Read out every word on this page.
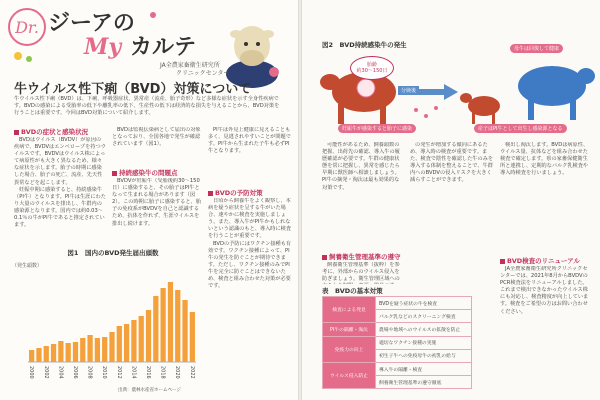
Dr. ジーアの
My カルテ
JA全農家畜衛生研究所
クリニックセンター
牛ウイルス性下痢（BVD）対策について
牛ウイルス性下痢（BVD）は、下痢、呼吸器症状、異常産（流産、胎子奇形）など多様な症状を示す全身性疾病です。BVDの感染による受胎率の低下や離乳率の低下、生産性の低下は経済的な損失を与えることから、BVD対策を行うことは重要です。今回はBVD対策について紹介します。
BVDの症状と感染状況

BVDはウイルス（BVDV）が原因の疾病で、BVDVはエンベロープを持つウイルスです。BVDVはウイルス株によって病原性がも大きく異なるため、様々な症状を示します。胎子の時期に感染した場合、胎子の死亡、流産、先天性異常などを起こします。

妊娠中期に感染すると、持続感染牛（PI牛）となります。PI牛は生涯にわたり大量のウイルスを排出し、牛群内の感染源となります。国内では約0.03〜0.1％の牛がPI牛であると推定されています。

BVDは監視伝染病として届出の対象となっており、全国各地で発生が確認されています（図1）。

持続感染牛の問題点

BVDVが妊娠牛（受胎後約30〜150日）に感染すると、その胎子はPI牛となって生まれる場合があります（図2）。この時期に胎子に感染すると、胎子の免疫系がBVDVを自己と認識するため、抗体を作れず、生涯ウイルスを排出し続けます。

PI牛は外見上健康に見えることも多く、見逃されやすいことが問題です。PI牛から生まれた子牛も必ずPI牛となります。

BVDの予防対策

日頃から飼養牛をよく観察し、本病を疑う症状を呈する牛がいた場合、速やかに検査を実施しましょう。また、導入牛がPI牛かもしれないという認識のもと、導入時に検査を行うことが重要です。

BVDの予防にはワクチン接種も有効です。ワクチン接種によって、PI牛の発生を防ぐことが期待できます。ただし、ワクチン接種のみでPI牛を完全に防ぐことはできないため、検査と組み合わせた対策が必要です。

図1　国内のBVD発生届出頭数
（発生頭数）
2000 2002 2004 2006 2008 2010 2012 2014 2016 2018 2020 2022
出典：農林水産省ホームページ
図2　BVD持続感染牛の発生
胎齢
約30〜150日
妊娠牛が感染すると胎子に感染
分娩後
母牛は回復して健康
産子はPI牛として出生し感染源となる

可能性があるため、飼養頭数の把握、出荷先の確認、導入牛の履歴確認が必要です。牛群の健康状態を常に把握し、異常を感じたら早期に獣医師へ相談しましょう。PI牛の摘発・淘汰は最も効果的な対策です。

飼養衛生管理基準の遵守

飼養衛生管理基準（抜粋）を参考に、外部からのウイルス侵入を防ぎましょう。衛生管理区域への

の発生が増加する傾向にあるため、導入時の検査が重要です。また、検査で陰性を確認した牛のみを導入する体制を整えることで、牛群内へのBVDVの侵入リスクを大きく減らすことができます。

検出し淘汰します。BVDは病原性、ウイルス量、抗体などを組み合わせた検査で確定します。県の家畜保健衛生所と連携し、定期的なバルク乳検査や導入時検査を行いましょう。

BVD検査のリニューアル

JA全農家畜衛生研究所クリニックセンターでは、2021年8月からBVDVのPCR検査法をリニューアルしました。これまで検出できなかったウイルス株にも対応し、検査精度が向上しています。検査をご希望の方はお問い合わせください。

表　BVDの基本対策
検査による発見	BVDを疑う症状の牛を検査
	バルク乳などのスクリーニング検査
PI牛の隔離・淘汰	農場や地域へのウイルスの拡散を防止
免疫力の向上	適切なワクチン接種の実施
	初生子牛への免疫母牛の初乳の給与
ウイルス侵入防止	導入牛の隔離・検査
	飼養衛生管理基準の遵守徹底
